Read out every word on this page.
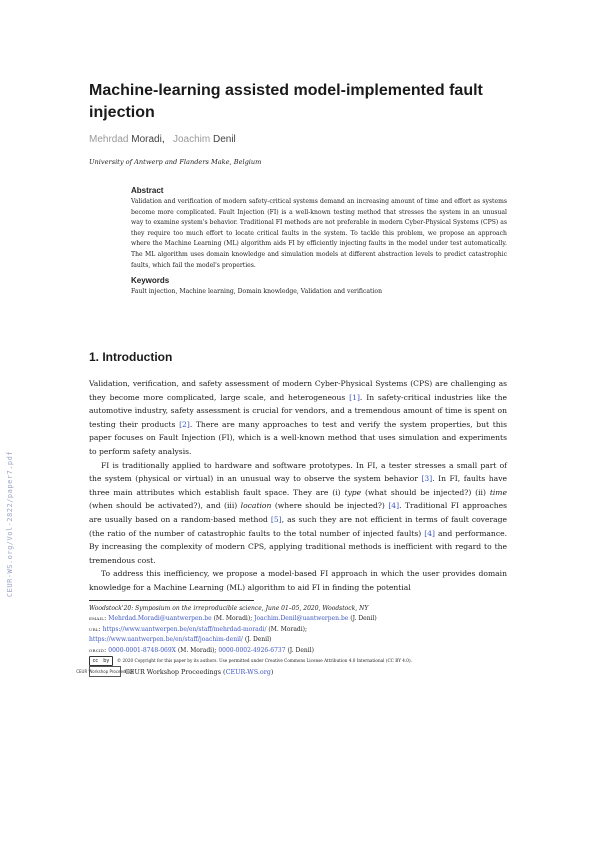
CEUR-WS.org/Vol-2822/paper7.pdf
Machine-learning assisted model-implemented fault injection
Mehrdad Moradi, Joachim Denil
University of Antwerp and Flanders Make, Belgium
Abstract

Validation and verification of modern safety-critical systems demand an increasing amount of time and effort as systems become more complicated. Fault Injection (FI) is a well-known testing method that stresses the system in an unusual way to examine system's behavior. Traditional FI methods are not preferable in modern Cyber-Physical Systems (CPS) as they require too much effort to locate critical faults in the system. To tackle this problem, we propose an approach where the Machine Learning (ML) algorithm aids FI by efficiently injecting faults in the model under test automatically. The ML algorithm uses domain knowledge and simulation models at different abstraction levels to predict catastrophic faults, which fail the model's properties.

Keywords

Fault injection, Machine learning, Domain knowledge, Validation and verification

1. Introduction

Validation, verification, and safety assessment of modern Cyber-Physical Systems (CPS) are challenging as they become more complicated, large scale, and heterogeneous [1]. In safety-critical industries like the automotive industry, safety assessment is crucial for vendors, and a tremendous amount of time is spent on testing their products [2]. There are many approaches to test and verify the system properties, but this paper focuses on Fault Injection (FI), which is a well-known method that uses simulation and experiments to perform safety analysis.

FI is traditionally applied to hardware and software prototypes. In FI, a tester stresses a small part of the system (physical or virtual) in an unusual way to observe the system behavior [3]. In FI, faults have three main attributes which establish fault space. They are (i) type (what should be injected?) (ii) time (when should be activated?), and (iii) location (where should be injected?) [4]. Traditional FI approaches are usually based on a random-based method [5], as such they are not efficient in terms of fault coverage (the ratio of the number of catastrophic faults to the total number of injected faults) [4] and performance. By increasing the complexity of modern CPS, applying traditional methods is inefficient with regard to the tremendous cost.

To address this inefficiency, we propose a model-based FI approach in which the user provides domain knowledge for a Machine Learning (ML) algorithm to aid FI in finding the potential

Woodstock'20: Symposium on the irreproducible science, June 01–05, 2020, Woodstock, NY
email: Mehrdad.Moradi@uantwerpen.be (M. Moradi); Joachim.Denil@uantwerpen.be (J. Denil)
url: https://www.uantwerpen.be/en/staff/mehrdad-moradi/ (M. Moradi);
https://www.uantwerpen.be/en/staff/joachim-denil/ (J. Denil)
orcid: 0000-0001-8748-069X (M. Moradi); 0000-0002-4926-6737 (J. Denil)
cc by © 2020 Copyright for this paper by its authors. Use permitted under Creative Commons License Attribution 4.0 International (CC BY 4.0).
CEUR Workshop Proceedings
CEUR Workshop Proceedings (CEUR-WS.org)
